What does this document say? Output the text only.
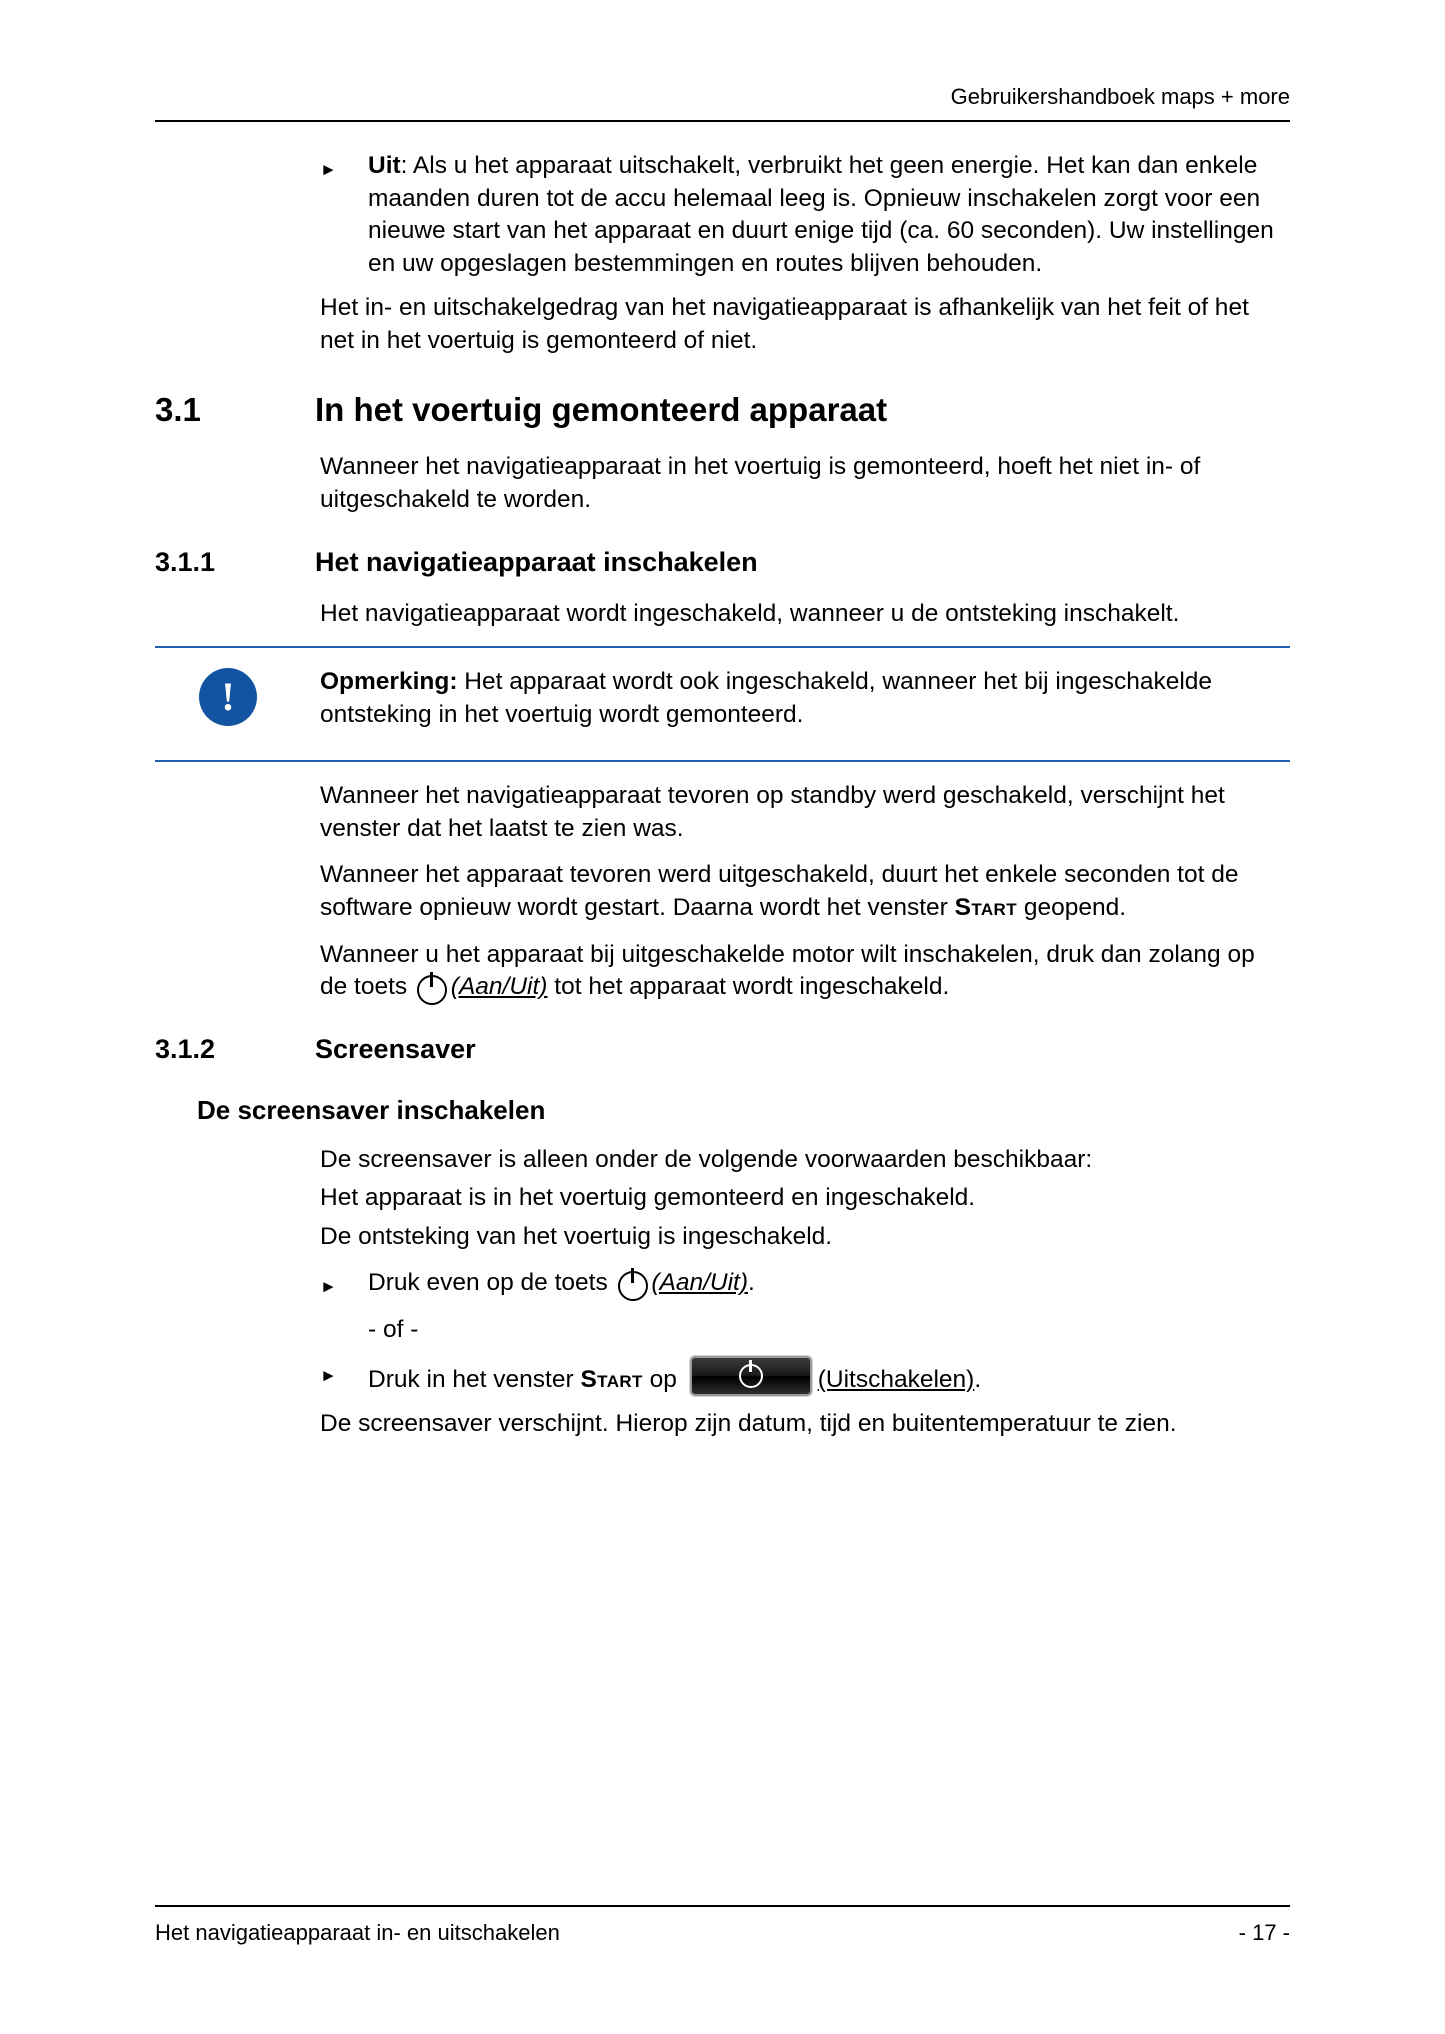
Gebruikershandboek maps + more
►	Uit: Als u het apparaat uitschakelt, verbruikt het geen energie. Het kan dan enkele maanden duren tot de accu helemaal leeg is. Opnieuw inschakelen zorgt voor een nieuwe start van het apparaat en duurt enige tijd (ca. 60 seconden). Uw instellingen en uw opgeslagen bestemmingen en routes blijven behouden.

Het in- en uitschakelgedrag van het navigatieapparaat is afhankelijk van het feit of het net in het voertuig is gemonteerd of niet.

3.1	In het voertuig gemonteerd apparaat

Wanneer het navigatieapparaat in het voertuig is gemonteerd, hoeft het niet in- of uitgeschakeld te worden.

3.1.1	Het navigatieapparaat inschakelen

Het navigatieapparaat wordt ingeschakeld, wanneer u de ontsteking inschakelt.

!	Opmerking: Het apparaat wordt ook ingeschakeld, wanneer het bij ingeschakelde ontsteking in het voertuig wordt gemonteerd.

Wanneer het navigatieapparaat tevoren op standby werd geschakeld, verschijnt het venster dat het laatst te zien was.

Wanneer het apparaat tevoren werd uitgeschakeld, duurt het enkele seconden tot de software opnieuw wordt gestart. Daarna wordt het venster Start geopend.

Wanneer u het apparaat bij uitgeschakelde motor wilt inschakelen, druk dan zolang op de toets  (Aan/Uit) tot het apparaat wordt ingeschakeld.

3.1.2	Screensaver
De screensaver inschakelen

De screensaver is alleen onder de volgende voorwaarden beschikbaar:

Het apparaat is in het voertuig gemonteerd en ingeschakeld.

De ontsteking van het voertuig is ingeschakeld.

►	Druk even op de toets  (Aan/Uit).
- of -
►	Druk in het venster Start op	(Uitschakelen).

De screensaver verschijnt. Hierop zijn datum, tijd en buitentemperatuur te zien.

Het navigatieapparaat in- en uitschakelen	- 17 -
